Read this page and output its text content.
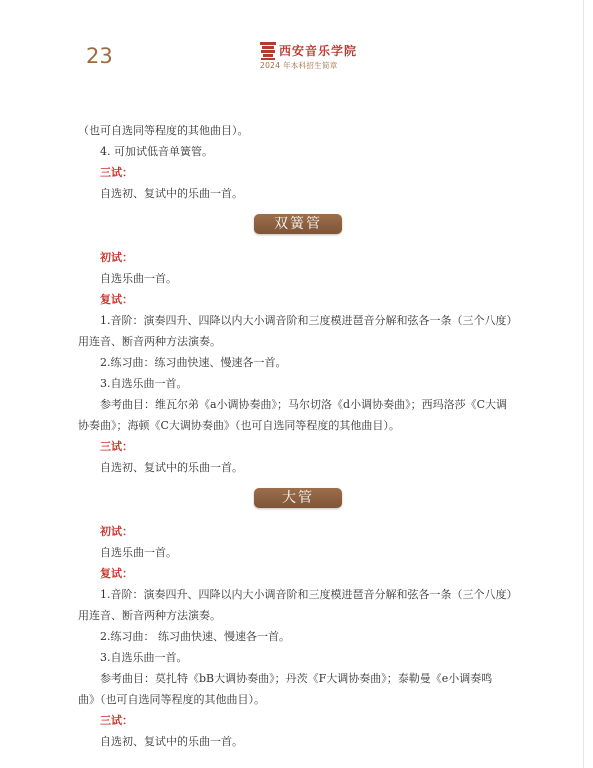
23	西安音乐学院
2024 年本科招生简章
（也可自选同等程度的其他曲目）。
4. 可加试低音单簧管。
三试：
自选初、复试中的乐曲一首。
双簧管
初试：
自选乐曲一首。
复试：
1.音阶：演奏四升、四降以内大小调音阶和三度模进琶音分解和弦各一条（三个八度）
用连音、断音两种方法演奏。
2.练习曲：练习曲快速、慢速各一首。
3.自选乐曲一首。
参考曲目：维瓦尔弟《a小调协奏曲》；马尔切洛《d小调协奏曲》；西玛洛莎《C大调
协奏曲》；海顿《C大调协奏曲》（也可自选同等程度的其他曲目）。
三试：
自选初、复试中的乐曲一首。
大管
初试：
自选乐曲一首。
复试：
1.音阶：演奏四升、四降以内大小调音阶和三度模进琶音分解和弦各一条（三个八度）
用连音、断音两种方法演奏。
2.练习曲： 练习曲快速、慢速各一首。
3.自选乐曲一首。
参考曲目：莫扎特《bB大调协奏曲》；丹茨《F大调协奏曲》；泰勒曼《e小调奏鸣
曲》（也可自选同等程度的其他曲目）。
三试：
自选初、复试中的乐曲一首。
